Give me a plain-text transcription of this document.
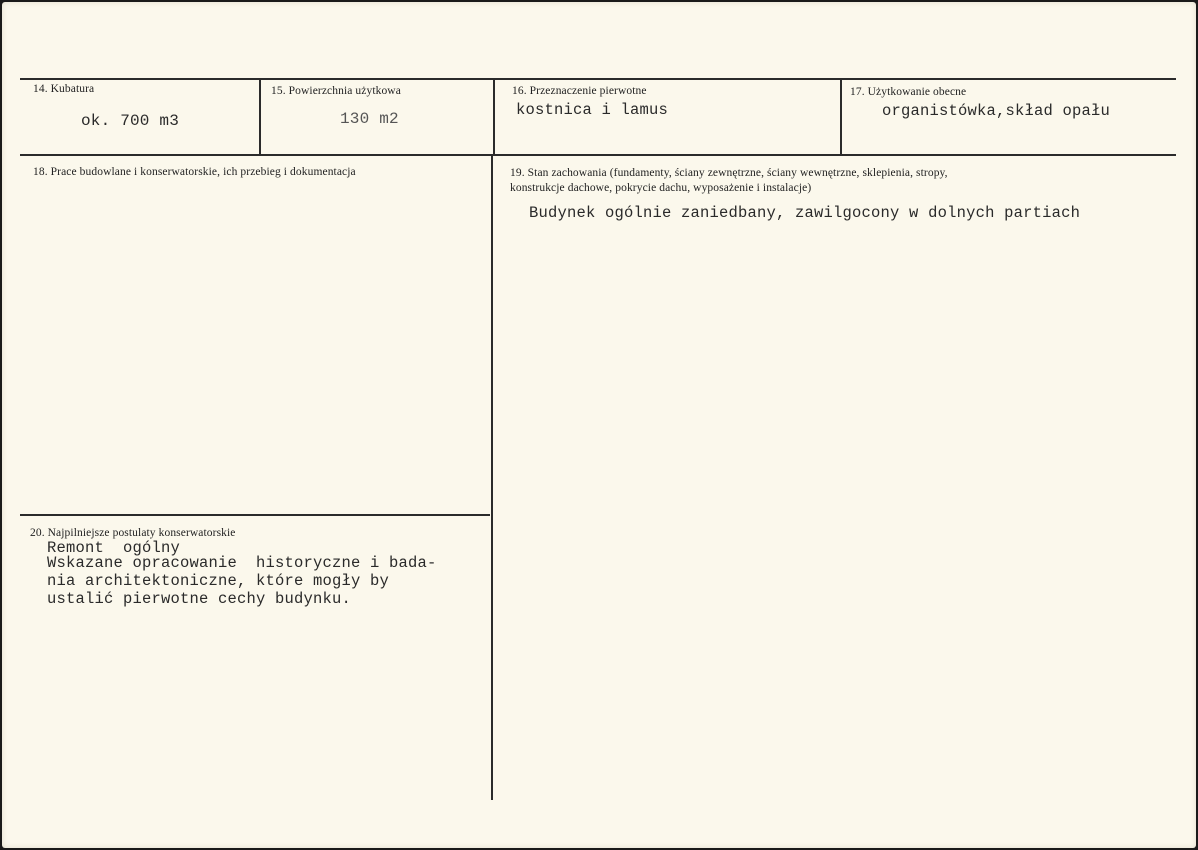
14. Kubatura
ok. 700 m3
15. Powierzchnia użytkowa
130 m2
16. Przeznaczenie pierwotne
kostnica i lamus
17. Użytkowanie obecne
organistówka,skład opału
18. Prace budowlane i konserwatorskie, ich przebieg i dokumentacja	19. Stan zachowania (fundamenty, ściany zewnętrzne, ściany wewnętrzne, sklepienia, stropy,
konstrukcje dachowe, pokrycie dachu, wyposażenie i instalacje)
Budynek ogólnie zaniedbany, zawilgocony w dolnych partiach
20. Najpilniejsze postulaty konserwatorskie
Remont  ogólny
Wskazane opracowanie  historyczne i bada-
nia architektoniczne, które mogły by
ustalić pierwotne cechy budynku.
